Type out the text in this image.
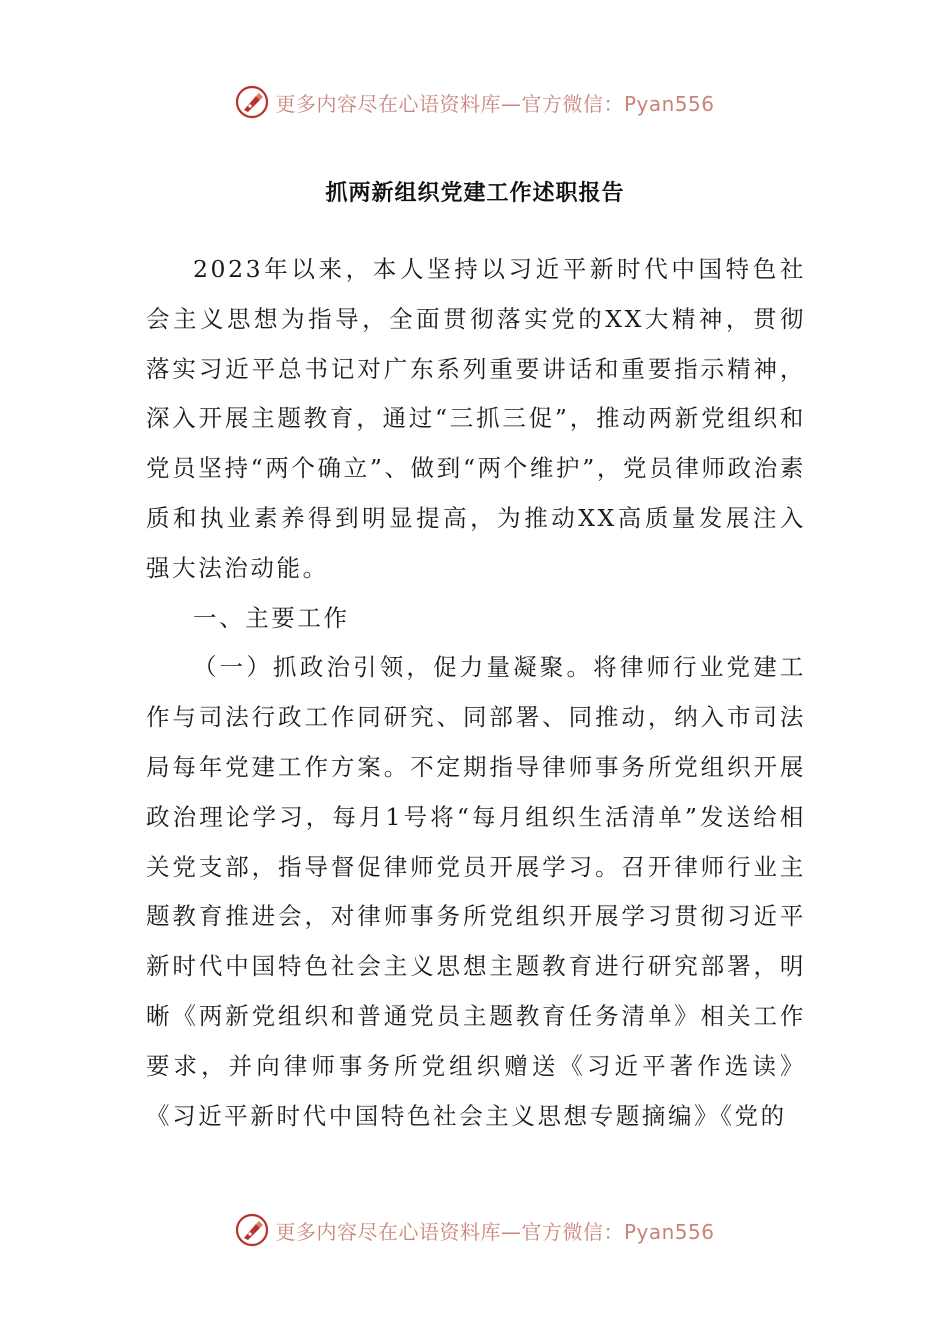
更多内容尽在心语资料库—官方微信：Pyan556
抓两新组织党建工作述职报告

2023年以来，本人坚持以习近平新时代中国特色社会主义思想为指导，全面贯彻落实党的XX大精神，贯彻落实习近平总书记对广东系列重要讲话和重要指示精神，深入开展主题教育，通过“三抓三促”，推动两新党组织和党员坚持“两个确立”、做到“两个维护”，党员律师政治素质和执业素养得到明显提高，为推动XX高质量发展注入强大法治动能。

一、主要工作

（一）抓政治引领，促力量凝聚。将律师行业党建工作与司法行政工作同研究、同部署、同推动，纳入市司法局每年党建工作方案。不定期指导律师事务所党组织开展政治理论学习，每月1号将“每月组织生活清单”发送给相关党支部，指导督促律师党员开展学习。召开律师行业主题教育推进会，对律师事务所党组织开展学习贯彻习近平新时代中国特色社会主义思想主题教育进行研究部署，明晰《两新党组织和普通党员主题教育任务清单》相关工作要求，并向律师事务所党组织赠送《习近平著作选读》《习近平新时代中国特色社会主义思想专题摘编》《党的

更多内容尽在心语资料库—官方微信：Pyan556
